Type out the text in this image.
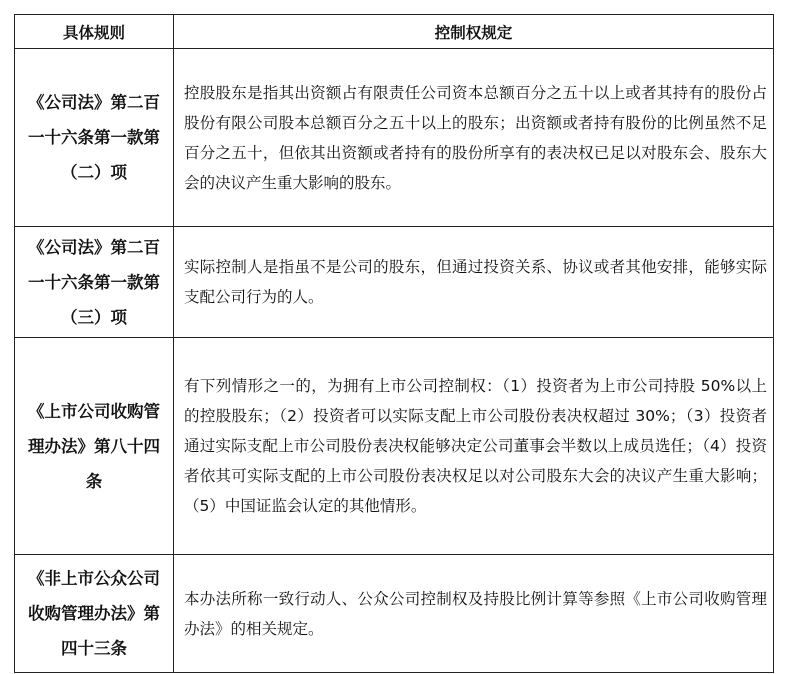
具体规则	控制权规定
《公司法》第二百一十六条第一款第（二）项	控股股东是指其出资额占有限责任公司资本总额百分之五十以上或者其持有的股份占股份有限公司股本总额百分之五十以上的股东；出资额或者持有股份的比例虽然不足百分之五十，但依其出资额或者持有的股份所享有的表决权已足以对股东会、股东大会的决议产生重大影响的股东。
《公司法》第二百一十六条第一款第（三）项	实际控制人是指虽不是公司的股东，但通过投资关系、协议或者其他安排，能够实际支配公司行为的人。
《上市公司收购管理办法》第八十四条	有下列情形之一的，为拥有上市公司控制权：（1）投资者为上市公司持股 50%以上的控股股东；（2）投资者可以实际支配上市公司股份表决权超过 30%；（3）投资者通过实际支配上市公司股份表决权能够决定公司董事会半数以上成员选任；（4）投资者依其可实际支配的上市公司股份表决权足以对公司股东大会的决议产生重大影响；（5）中国证监会认定的其他情形。
《非上市公众公司收购管理办法》第四十三条	本办法所称一致行动人、公众公司控制权及持股比例计算等参照《上市公司收购管理办法》的相关规定。
